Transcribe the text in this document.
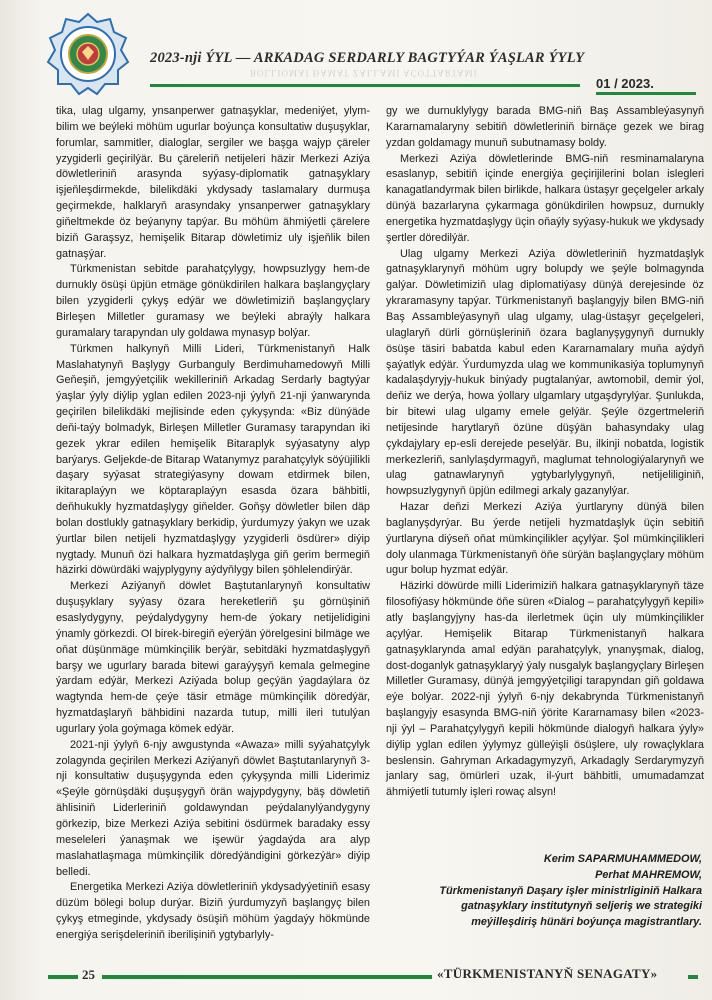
2023-nji ÝYL — ARKADAG SERDARLY BAGTYÝAR ÝAŞLAR ÝYLY
BOLLIOMAI ĐAMAT ZALLAMI AĆOTTARTAMI
01 / 2023.

tika, ulag ulgamy, ynsanperwer gatnaşyklar, medeniýet, ylym-bilim we beýleki möhüm ugurlar boýunça konsultatiw duşuşyklar, forumlar, sammitler, dialoglar, sergiler we başga wajyp çäreler yzygiderli geçirilýär. Bu çäreleriň netijeleri häzir Merkezi Aziýa döwletleriniň arasynda syýasy-diplomatik gatnaşyklary işjeňleşdirmekde, bilelikdäki ykdysady taslamalary durmuşa geçirmekde, halklaryň arasyndaky ynsanperwer gatnaşyklary giňeltmekde öz beýanyny tapýar. Bu möhüm ähmiýetli çärelere biziň Garaşsyz, hemişelik Bitarap döwletimiz uly işjeňlik bilen gatnaşýar.

Türkmenistan sebitde parahatçylygy, howpsuzlygy hem-de durnukly ösüşi üpjün etmäge gönükdirilen halkara başlangyçlary bilen yzygiderli çykyş edýär we döwletimiziň başlangyçlary Birleşen Milletler guramasy we beýleki abraýly halkara guramalary tarapyndan uly goldawa mynasyp bolýar.

Türkmen halkynyň Milli Lideri, Türkmenistanyň Halk Maslahatynyň Başlygy Gurbanguly Berdimuhamedowyň Milli Geňeşiň, jemgyýetçilik wekilleriniň Arkadag Serdarly bagtyýar ýaşlar ýyly diýlip yglan edilen 2023-nji ýylyň 21-nji ýanwarynda geçirilen bilelikdäki mejlisinde eden çykyşynda: «Biz dünýäde deňi-taýy bolmadyk, Birleşen Milletler Guramasy tarapyndan iki gezek ykrar edilen hemişelik Bitaraplyk syýasatyny alyp barýarys. Geljekde-de Bitarap Watanymyz parahatçylyk söýüjilikli daşary syýasat strategiýasyny dowam etdirmek bilen, ikitaraplaýyn we köptaraplaýyn esasda özara bähbitli, deňhukukly hyzmatdaşlygy giňelder. Goňşy döwletler bilen däp bolan dostlukly gatnaşyklary berkidip, ýurdumyzy ýakyn we uzak ýurtlar bilen netijeli hyzmatdaşlygy yzygiderli ösdürer» diýip nygtady. Munuň özi halkara hyzmatdaşlyga giň gerim bermegiň häzirki döwürdäki wajyplygyny aýdyňlygy bilen şöhlelendirýär.

Merkezi Aziýanyň döwlet Baştutanlarynyň konsultatiw duşuşyklary syýasy özara hereketleriň şu görnüşiniň esaslydygyny, peýdalydygyny hem-de ýokary netijelidigini ýnamly görkezdi. Ol birek-biregiň eýerýän ýörelgesini bilmäge we oňat düşünmäge mümkinçilik berýär, sebitdäki hyzmatdaşlygyň barşy we ugurlary barada bitewi garaýyşyň kemala gelmegine ýardam edýär, Merkezi Aziýada bolup geçýän ýagdaýlara öz wagtynda hem-de çeýe täsir etmäge mümkinçilik döredýär, hyzmatdaşlaryň bähbidini nazarda tutup, milli ileri tutulýan ugurlary ýola goýmaga kömek edýär.

2021-nji ýylyň 6-njy awgustynda «Awaza» milli syýahatçylyk zolagynda geçirilen Merkezi Aziýanyň döwlet Baştutanlarynyň 3-nji konsultatiw duşuşygynda eden çykyşynda milli Liderimiz «Şeýle görnüşdäki duşuşygyň örän wajypdygyny, bäş döwletiň ählisiniň Liderleriniň goldawyndan peýdalanylýandygyny görkezip, bize Merkezi Aziýa sebitini ösdürmek baradaky essy meseleleri ýanaşmak we işewür ýagdaýda ara alyp maslahatlaşmaga mümkinçilik döredýändigini görkezýär» diýip belledi.

Energetika Merkezi Aziýa döwletleriniň ykdysadyýetiniň esasy düzüm bölegi bolup durýar. Biziň ýurdumyzyň başlangyç bilen çykyş etmeginde, ykdysady ösüşiň möhüm ýagdaýy hökmünde energiýa serişdeleriniň iberilişiniň ygtybarlyly-

gy we durnuklylygy barada BMG-niň Baş Assambleýasynyň Kararnamalaryny sebitiň döwletleriniň birnäçe gezek we birag yzdan goldamagy munuň subutnamasy boldy.

Merkezi Aziýa döwletlerinde BMG-niň resminamalaryna esaslanyp, sebitiň içinde energiýa geçirijilerini bolan islegleri kanagatlandyrmak bilen birlikde, halkara üstaşyr geçelgeler arkaly dünýä bazarlaryna çykarmaga gönükdirilen howpsuz, durnukly energetika hyzmatdaşlygy üçin oňaýly syýasy-hukuk we ykdysady şertler döredilýär.

Ulag ulgamy Merkezi Aziýa döwletleriniň hyzmatdaşlyk gatnaşyklarynyň möhüm ugry bolupdy we şeýle bolmagynda galýar. Döwletimiziň ulag diplomatiýasy dünýä derejesinde öz ykraramasyny tapýar. Türkmenistanyň başlangyjy bilen BMG-niň Baş Assambleýasynyň ulag ulgamy, ulag-üstaşyr geçelgeleri, ulaglaryň dürli görnüşleriniň özara baglanyşygynyň durnukly ösüşe täsiri babatda kabul eden Kararnamalary muňa aýdyň şaýatlyk edýär. Ýurdumyzda ulag we kommunikasiýa toplumynyň kadalaşdyryjy-hukuk binýady pugtalanýar, awtomobil, demir ýol, deňiz we derýa, howa ýollary ulgamlary utgaşdyrylýar. Şunlukda, bir bitewi ulag ulgamy emele gelýär. Şeýle özgertmeleriň netijesinde harytlaryň özüne düşýän bahasyndaky ulag çykdajylary ep-esli derejede peselýär. Bu, ilkinji nobatda, logistik merkezleriň, sanlylaşdyrmagyň, maglumat tehnologiýalarynyň we ulag gatnawlarynyň ygtybarlylygynyň, netijeliliginiň, howpsuzlygynyň üpjün edilmegi arkaly gazanylýar.

Hazar deňzi Merkezi Aziýa ýurtlaryny dünýä bilen baglanyşdyrýar. Bu ýerde netijeli hyzmatdaşlyk üçin sebitiň ýurtlaryna diýseň oňat mümkinçilikler açylýar. Şol mümkinçilikleri doly ulanmaga Türkmenistanyň öňe sürýän başlangyçlary möhüm ugur bolup hyzmat edýär.

Häzirki döwürde milli Liderimiziň halkara gatnaşyklarynyň täze filosofiýasy hökmünde öňe süren «Dialog – parahatçylygyň kepili» atly başlangyjyny has-da ilerletmek üçin uly mümkinçilikler açylýar. Hemişelik Bitarap Türkmenistanyň halkara gatnaşyklarynda amal edýän parahatçylyk, ynanyşmak, dialog, dost-doganlyk gatnaşyklaryý ýaly nusgalyk başlangyçlary Birleşen Milletler Guramasy, dünýä jemgyýetçiligi tarapyndan giň goldawa eýe bolýar. 2022-nji ýylyň 6-njy dekabrynda Türkmenistanyň başlangyjy esasynda BMG-niň ýörite Kararnamasy bilen «2023-nji ýyl – Parahatçylygyň kepili hökmünde dialogyň halkara ýyly» diýlip yglan edilen ýylymyz gülleýişli ösüşlere, uly rowaçlyklara beslensin. Gahryman Arkadagymyzyň, Arkadagly Serdarymyzyň janlary sag, ömürleri uzak, il-ýurt bähbitli, umumadamzat ähmiýetli tutumly işleri rowaç alsyn!

Kerim SAPARMUHAMMEDOW,
Perhat MAHREMOW,
Türkmenistanyň Daşary işler ministrliginiň Halkara gatnaşyklary institutynyň seljeriş we strategiki meýilleşdiriş hünäri boýunça magistrantlary.
25	«TÜRKMENISTANYŇ SENAGATY»
